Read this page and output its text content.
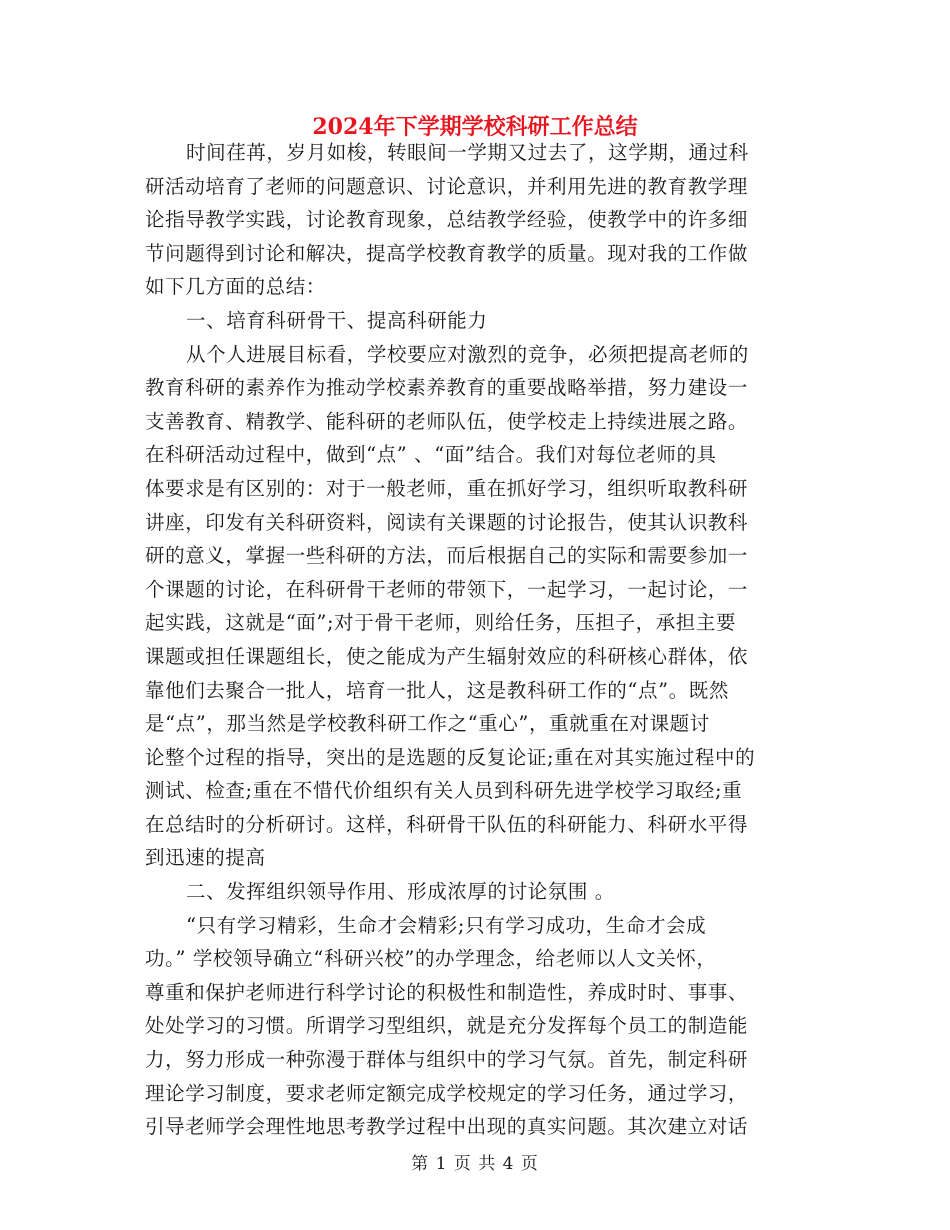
2024年下学期学校科研工作总结
时间荏苒，岁月如梭，转眼间一学期又过去了，这学期，通过科
研活动培育了老师的问题意识、讨论意识，并利用先进的教育教学理
论指导教学实践，讨论教育现象，总结教学经验，使教学中的许多细
节问题得到讨论和解决，提高学校教育教学的质量。现对我的工作做
如下几方面的总结：
一、培育科研骨干、提高科研能力
从个人进展目标看，学校要应对激烈的竞争，必须把提高老师的
教育科研的素养作为推动学校素养教育的重要战略举措，努力建设一
支善教育、精教学、能科研的老师队伍，使学校走上持续进展之路。
在科研活动过程中，做到“点” 、“面”结合。我们对每位老师的具
体要求是有区别的：对于一般老师，重在抓好学习，组织听取教科研
讲座，印发有关科研资料，阅读有关课题的讨论报告，使其认识教科
研的意义，掌握一些科研的方法，而后根据自己的实际和需要参加一
个课题的讨论，在科研骨干老师的带领下，一起学习，一起讨论，一
起实践，这就是“面”;对于骨干老师，则给任务，压担子，承担主要
课题或担任课题组长，使之能成为产生辐射效应的科研核心群体，依
靠他们去聚合一批人，培育一批人，这是教科研工作的“点”。既然
是“点”，那当然是学校教科研工作之“重心”，重就重在对课题讨
论整个过程的指导，突出的是选题的反复论证;重在对其实施过程中的
测试、检查;重在不惜代价组织有关人员到科研先进学校学习取经;重
在总结时的分析研讨。这样，科研骨干队伍的科研能力、科研水平得
到迅速的提高
二、发挥组织领导作用、形成浓厚的讨论氛围 。
“只有学习精彩，生命才会精彩;只有学习成功，生命才会成
功。” 学校领导确立“科研兴校”的办学理念，给老师以人文关怀，
尊重和保护老师进行科学讨论的积极性和制造性，养成时时、事事、
处处学习的习惯。所谓学习型组织，就是充分发挥每个员工的制造能
力，努力形成一种弥漫于群体与组织中的学习气氛。首先，制定科研
理论学习制度，要求老师定额完成学校规定的学习任务，通过学习，
引导老师学会理性地思考教学过程中出现的真实问题。其次建立对话
第 1 页 共 4 页
